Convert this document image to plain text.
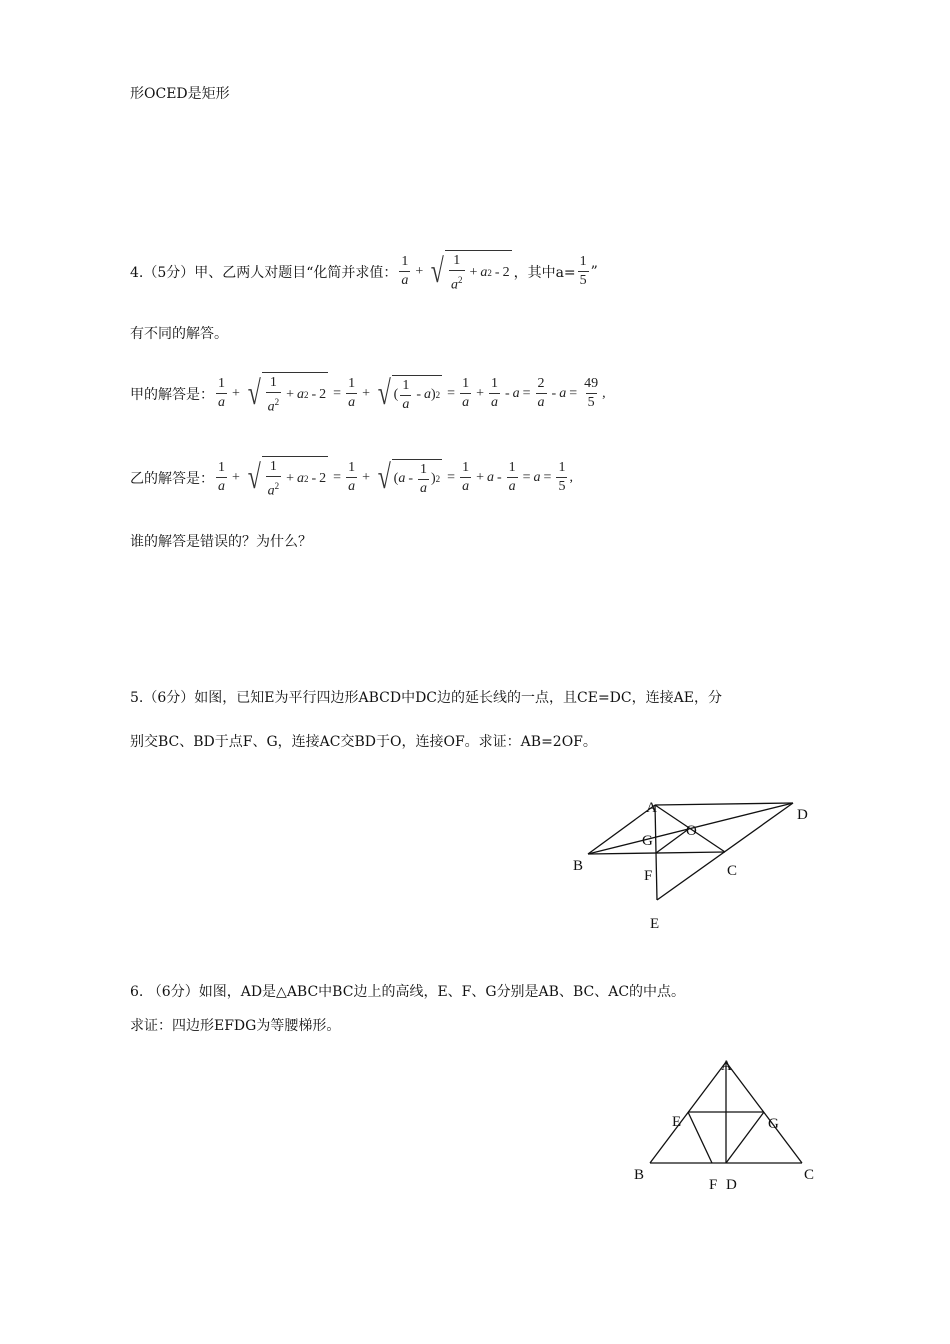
形OCED是矩形
4.（5分）甲、乙两人对题目“化简并求值： $\frac{1}{a}$ + √ $\frac{1}{a^2} + a$ 2 - 2 ，其中$a= \frac{1}{5}$ ”
有不同的解答。
甲的解答是： $\frac{1}{a}$ + √ $\frac{1}{a^2} + a$ $2 - 2 = \frac{1}{a}$ + √ ( $\frac{1}{a}$ - a ) $2 = \frac{1}{a} + \frac{1}{a} - a = \frac{2}{a} - a = \frac{49}{5}$ ,
乙的解答是： $\frac{1}{a}$ + √ $\frac{1}{a^2} + a$ $2 - 2 = \frac{1}{a}$ + √ ( a - $\frac{1}{a}$ ) $2 = \frac{1}{a} + a - \frac{1}{a} = a = \frac{1}{5}$ ,
谁的解答是错误的？为什么？
5.（6分）如图，已知E为平行四边形ABCD中DC边的延长线的一点，且CE=DC，连接AE，分
别交BC、BD于点F、G，连接AC交BD于O，连接OF。求证：AB=2OF。
A	D
G
O
B	C
F
E
6. （6分）如图，AD是△ABC中BC边上的高线，E、F、G分别是AB、BC、AC的中点。
求证：四边形EFDG为等腰梯形。
A
E	G
B	C
F D
